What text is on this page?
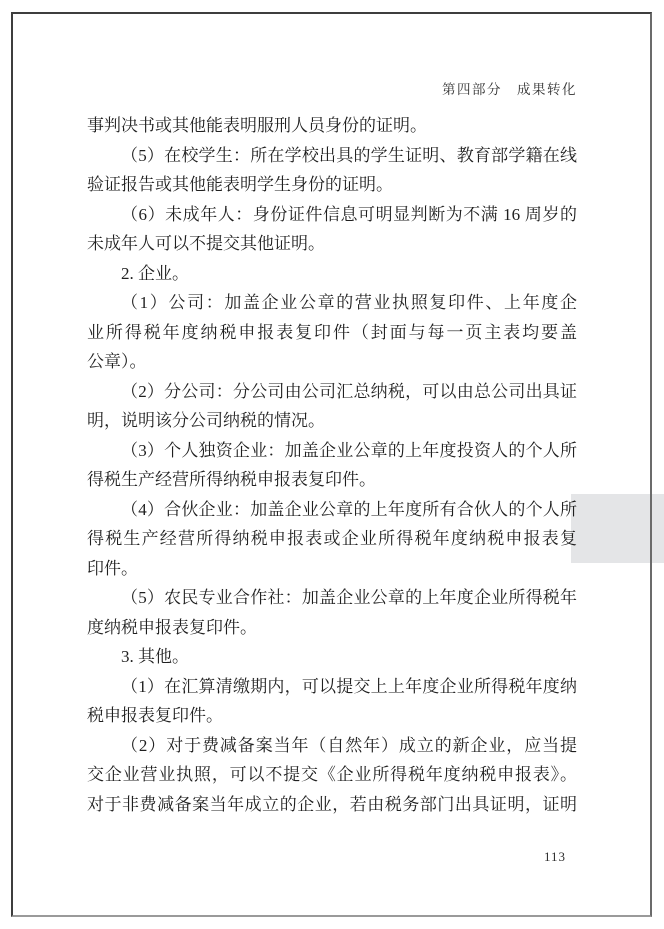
第四部分　成果转化
事判决书或其他能表明服刑人员身份的证明。
（5）在校学生：所在学校出具的学生证明、教育部学籍在线
验证报告或其他能表明学生身份的证明。
（6）未成年人：身份证件信息可明显判断为不满 16 周岁的
未成年人可以不提交其他证明。
2. 企业。
（1）公司：加盖企业公章的营业执照复印件、上年度企
业所得税年度纳税申报表复印件（封面与每一页主表均要盖
公章）。
（2）分公司：分公司由公司汇总纳税，可以由总公司出具证
明，说明该分公司纳税的情况。
（3）个人独资企业：加盖企业公章的上年度投资人的个人所
得税生产经营所得纳税申报表复印件。
（4）合伙企业：加盖企业公章的上年度所有合伙人的个人所
得税生产经营所得纳税申报表或企业所得税年度纳税申报表复
印件。
（5）农民专业合作社：加盖企业公章的上年度企业所得税年
度纳税申报表复印件。
3. 其他。
（1）在汇算清缴期内，可以提交上上年度企业所得税年度纳
税申报表复印件。
（2）对于费减备案当年（自然年）成立的新企业，应当提
交企业营业执照，可以不提交《企业所得税年度纳税申报表》。
对于非费减备案当年成立的企业，若由税务部门出具证明，证明
113
